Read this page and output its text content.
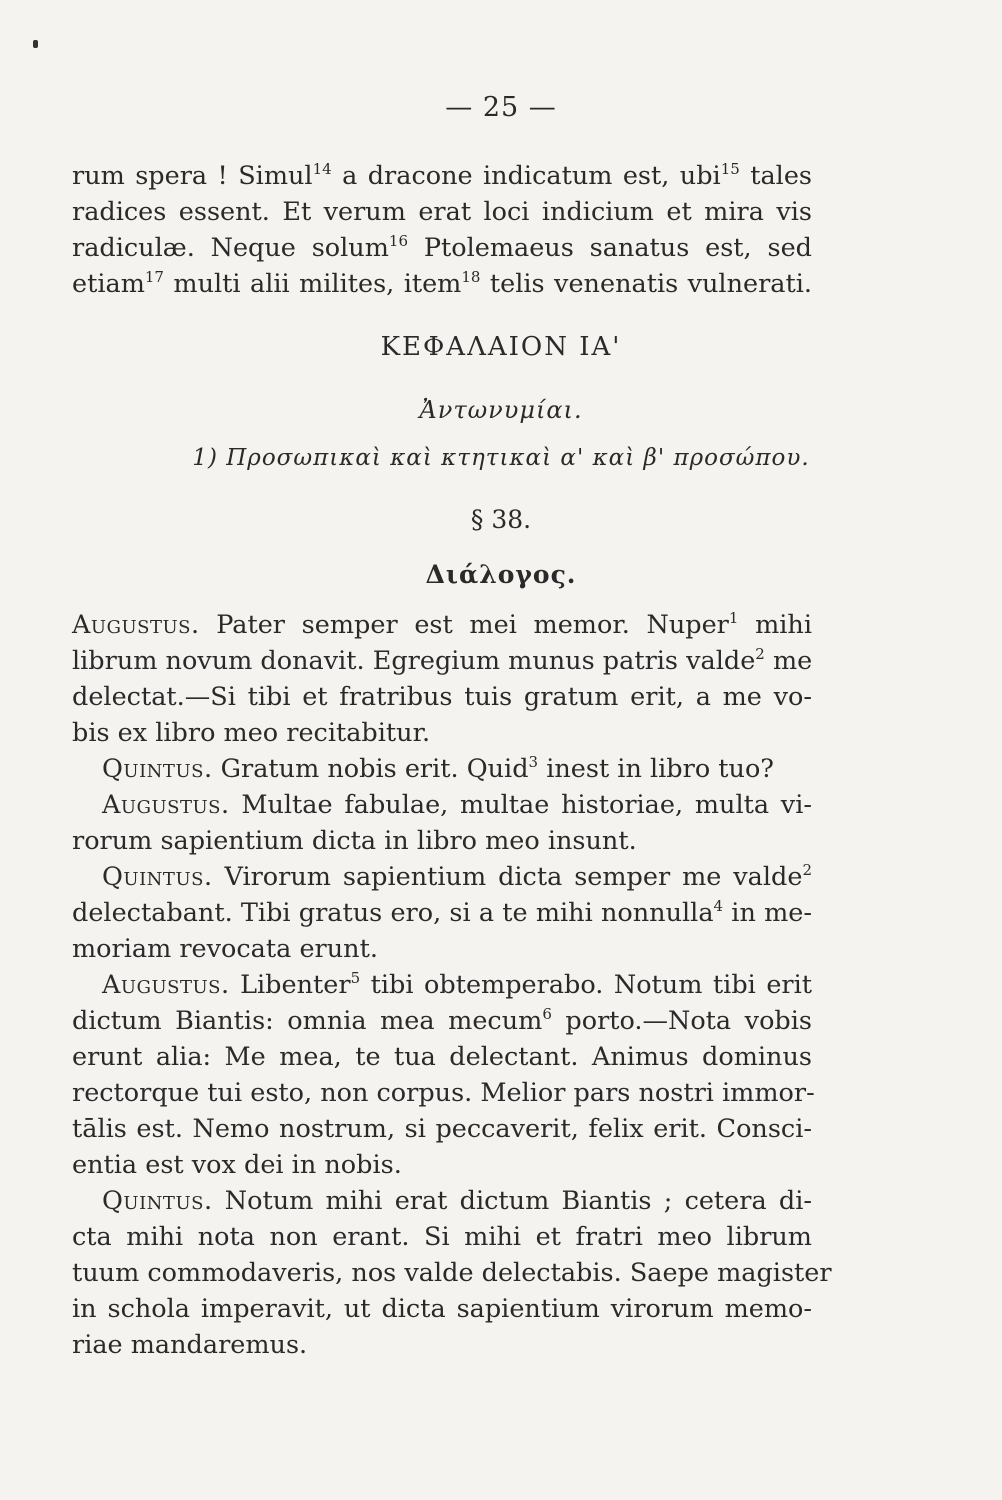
— 25 —
rum spera ! Simul$^{14}$ a dracone indicatum est, ubi$^{15}$ tales
radices essent. Et verum erat loci indicium et mira vis
radiculæ. Neque solum$^{16}$ Ptolemaeus sanatus est, sed
etiam$^{17}$ multi alii milites, item$^{18}$ telis venenatis vulnerati.
ΚΕΦΑΛΑΙΟΝ ΙΑ'
Ἀντωνυμίαι.
1) Προσωπικαὶ καὶ κτητικαὶ α' καὶ β' προσώπου.
§ 38.
Διάλογος.
Augustus. Pater semper est mei memor. Nuper$^1$ mihi
librum novum donavit. Egregium munus patris valde$^2$ me
delectat.—Si tibi et fratribus tuis gratum erit, a me vo-
bis ex libro meo recitabitur.
Quintus. Gratum nobis erit. Quid$^3$ inest in libro tuo?
Augustus. Multae fabulae, multae historiae, multa vi-
rorum sapientium dicta in libro meo insunt.
Quintus. Virorum sapientium dicta semper me valde$^2$
delectabant. Tibi gratus ero, si a te mihi nonnulla$^4$ in me-
moriam revocata erunt.
Augustus. Libenter$^5$ tibi obtemperabo. Notum tibi erit
dictum Biantis: omnia mea mecum$^6$ porto.—Nota vobis
erunt alia: Me mea, te tua delectant. Animus dominus
rectorque tui esto, non corpus. Melior pars nostri immor-
tālis est. Nemo nostrum, si peccaverit, felix erit. Consci-
entia est vox dei in nobis.
Quintus. Notum mihi erat dictum Biantis ; cetera di-
cta mihi nota non erant. Si mihi et fratri meo librum
tuum commodaveris, nos valde delectabis. Saepe magister
in schola imperavit, ut dicta sapientium virorum memo-
riae mandaremus.
